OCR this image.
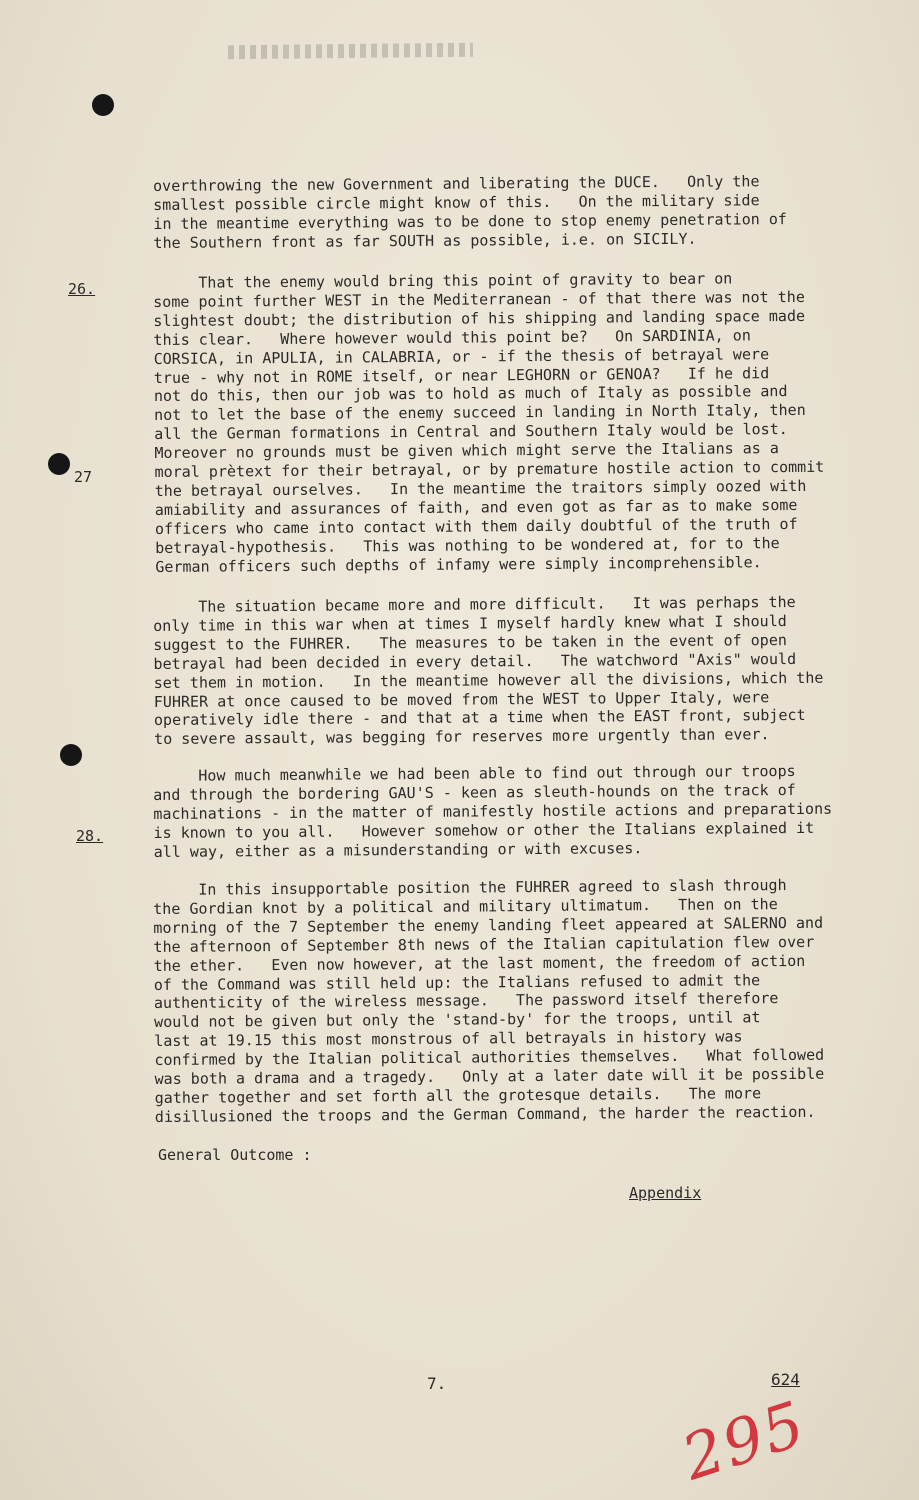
26.
27
28.
overthrowing the new Government and liberating the DUCE.   Only the
smallest possible circle might know of this.   On the military side
in the meantime everything was to be done to stop enemy penetration of
the Southern front as far SOUTH as possible, i.e. on SICILY.
That the enemy would bring this point of gravity to bear on
some point further WEST in the Mediterranean - of that there was not the
slightest doubt; the distribution of his shipping and landing space made
this clear.   Where however would this point be?   On SARDINIA, on
CORSICA, in APULIA, in CALABRIA, or - if the thesis of betrayal were
true - why not in ROME itself, or near LEGHORN or GENOA?   If he did
not do this, then our job was to hold as much of Italy as possible and
not to let the base of the enemy succeed in landing in North Italy, then
all the German formations in Central and Southern Italy would be lost.
Moreover no grounds must be given which might serve the Italians as a
moral prètext for their betrayal, or by premature hostile action to commit
the betrayal ourselves.   In the meantime the traitors simply oozed with
amiability and assurances of faith, and even got as far as to make some
officers who came into contact with them daily doubtful of the truth of
betrayal-hypothesis.   This was nothing to be wondered at, for to the
German officers such depths of infamy were simply incomprehensible.
The situation became more and more difficult.   It was perhaps the
only time in this war when at times I myself hardly knew what I should
suggest to the FUHRER.   The measures to be taken in the event of open
betrayal had been decided in every detail.   The watchword "Axis" would
set them in motion.   In the meantime however all the divisions, which the
FUHRER at once caused to be moved from the WEST to Upper Italy, were
operatively idle there - and that at a time when the EAST front, subject
to severe assault, was begging for reserves more urgently than ever.
How much meanwhile we had been able to find out through our troops
and through the bordering GAU'S - keen as sleuth-hounds on the track of
machinations - in the matter of manifestly hostile actions and preparations
is known to you all.   However somehow or other the Italians explained it
all way, either as a misunderstanding or with excuses.
In this insupportable position the FUHRER agreed to slash through
the Gordian knot by a political and military ultimatum.   Then on the
morning of the 7 September the enemy landing fleet appeared at SALERNO and
the afternoon of September 8th news of the Italian capitulation flew over
the ether.   Even now however, at the last moment, the freedom of action
of the Command was still held up: the Italians refused to admit the
authenticity of the wireless message.   The password itself therefore
would not be given but only the 'stand-by' for the troops, until at
last at 19.15 this most monstrous of all betrayals in history was
confirmed by the Italian political authorities themselves.   What followed
was both a drama and a tragedy.   Only at a later date will it be possible
gather together and set forth all the grotesque details.   The more
disillusioned the troops and the German Command, the harder the reaction.
General Outcome :
Appendix
7.	624
295
